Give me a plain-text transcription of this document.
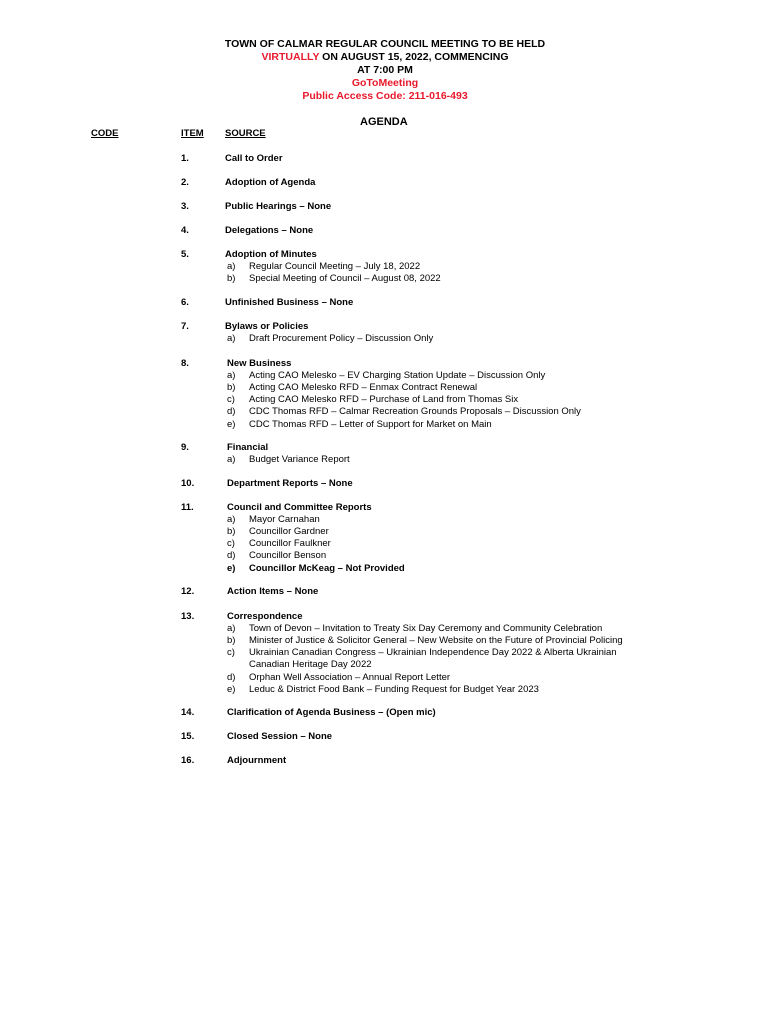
TOWN OF CALMAR REGULAR COUNCIL MEETING TO BE HELD
VIRTUALLY ON AUGUST 15, 2022, COMMENCING
AT 7:00 PM
GoToMeeting
Public Access Code: 211-016-493
AGENDA
CODE	ITEM SOURCE
1.	Call to Order
2.	Adoption of Agenda
3.	Public Hearings – None
4.	Delegations – None
5.	Adoption of Minutes
a) Regular Council Meeting – July 18, 2022
b) Special Meeting of Council – August 08, 2022
6.	Unfinished Business – None
7.	Bylaws or Policies
a) Draft Procurement Policy – Discussion Only
8.	New Business
a) Acting CAO Melesko – EV Charging Station Update – Discussion Only
b) Acting CAO Melesko RFD – Enmax Contract Renewal
c) Acting CAO Melesko RFD – Purchase of Land from Thomas Six
d) CDC Thomas RFD – Calmar Recreation Grounds Proposals – Discussion Only
e) CDC Thomas RFD – Letter of Support for Market on Main
9.	Financial
a) Budget Variance Report
10.	Department Reports – None
11.	Council and Committee Reports
a) Mayor Carnahan
b) Councillor Gardner
c) Councillor Faulkner
d) Councillor Benson
e) Councillor McKeag – Not Provided
12.	Action Items – None
13.	Correspondence
a) Town of Devon – Invitation to Treaty Six Day Ceremony and Community Celebration
b) Minister of Justice & Solicitor General – New Website on the Future of Provincial Policing
c) Ukrainian Canadian Congress – Ukrainian Independence Day 2022 & Alberta Ukrainian
Canadian Heritage Day 2022
d) Orphan Well Association – Annual Report Letter
e) Leduc & District Food Bank – Funding Request for Budget Year 2023
14.	Clarification of Agenda Business – (Open mic)
15.	Closed Session – None
16.	Adjournment
